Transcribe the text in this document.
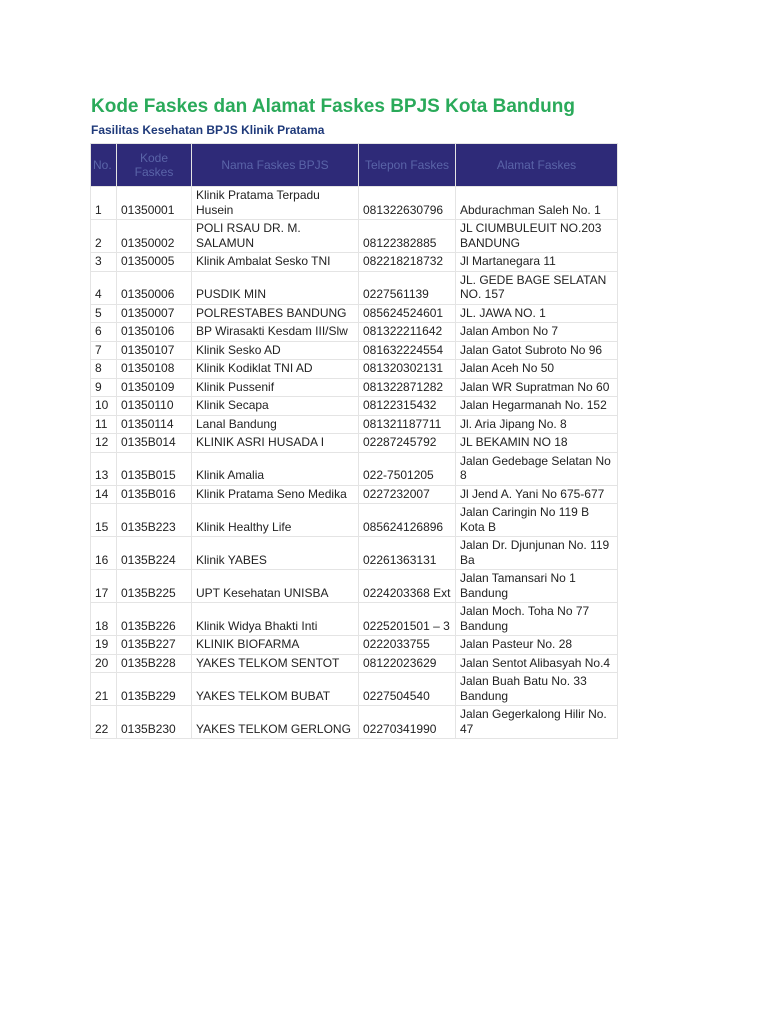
Kode Faskes dan Alamat Faskes BPJS Kota Bandung
Fasilitas Kesehatan BPJS Klinik Pratama
No.	Kode Faskes	Nama Faskes BPJS	Telepon Faskes	Alamat Faskes
1	01350001	Klinik Pratama Terpadu Husein	081322630796	Abdurachman Saleh No. 1
2	01350002	POLI RSAU DR. M. SALAMUN	08122382885	JL CIUMBULEUIT NO.203 BANDUNG
3	01350005	Klinik Ambalat Sesko TNI	082218218732	Jl Martanegara 11
4	01350006	PUSDIK MIN	0227561139	JL. GEDE BAGE SELATAN NO. 157
5	01350007	POLRESTABES BANDUNG	085624524601	JL. JAWA NO. 1
6	01350106	BP Wirasakti Kesdam III/Slw	081322211642	Jalan Ambon No 7
7	01350107	Klinik Sesko AD	081632224554	Jalan Gatot Subroto No 96
8	01350108	Klinik Kodiklat TNI AD	081320302131	Jalan Aceh No 50
9	01350109	Klinik Pussenif	081322871282	Jalan WR Supratman No 60
10	01350110	Klinik Secapa	08122315432	Jalan Hegarmanah No. 152
11	01350114	Lanal Bandung	081321187711	Jl. Aria Jipang No. 8
12	0135B014	KLINIK ASRI HUSADA I	02287245792	JL BEKAMIN NO 18
13	0135B015	Klinik Amalia	022-7501205	Jalan Gedebage Selatan No 8
14	0135B016	Klinik Pratama Seno Medika	0227232007	Jl Jend A. Yani No 675-677
15	0135B223	Klinik Healthy Life	085624126896	Jalan Caringin No 119 B Kota B
16	0135B224	Klinik YABES	02261363131	Jalan Dr. Djunjunan No. 119 Ba
17	0135B225	UPT Kesehatan UNISBA	0224203368 Ext	Jalan Tamansari No 1 Bandung
18	0135B226	Klinik Widya Bhakti Inti	0225201501 – 3	Jalan Moch. Toha No 77 Bandung
19	0135B227	KLINIK BIOFARMA	0222033755	Jalan Pasteur No. 28
20	0135B228	YAKES TELKOM SENTOT	08122023629	Jalan Sentot Alibasyah No.4
21	0135B229	YAKES TELKOM BUBAT	0227504540	Jalan Buah Batu No. 33 Bandung
22	0135B230	YAKES TELKOM GERLONG	02270341990	Jalan Gegerkalong Hilir No. 47
